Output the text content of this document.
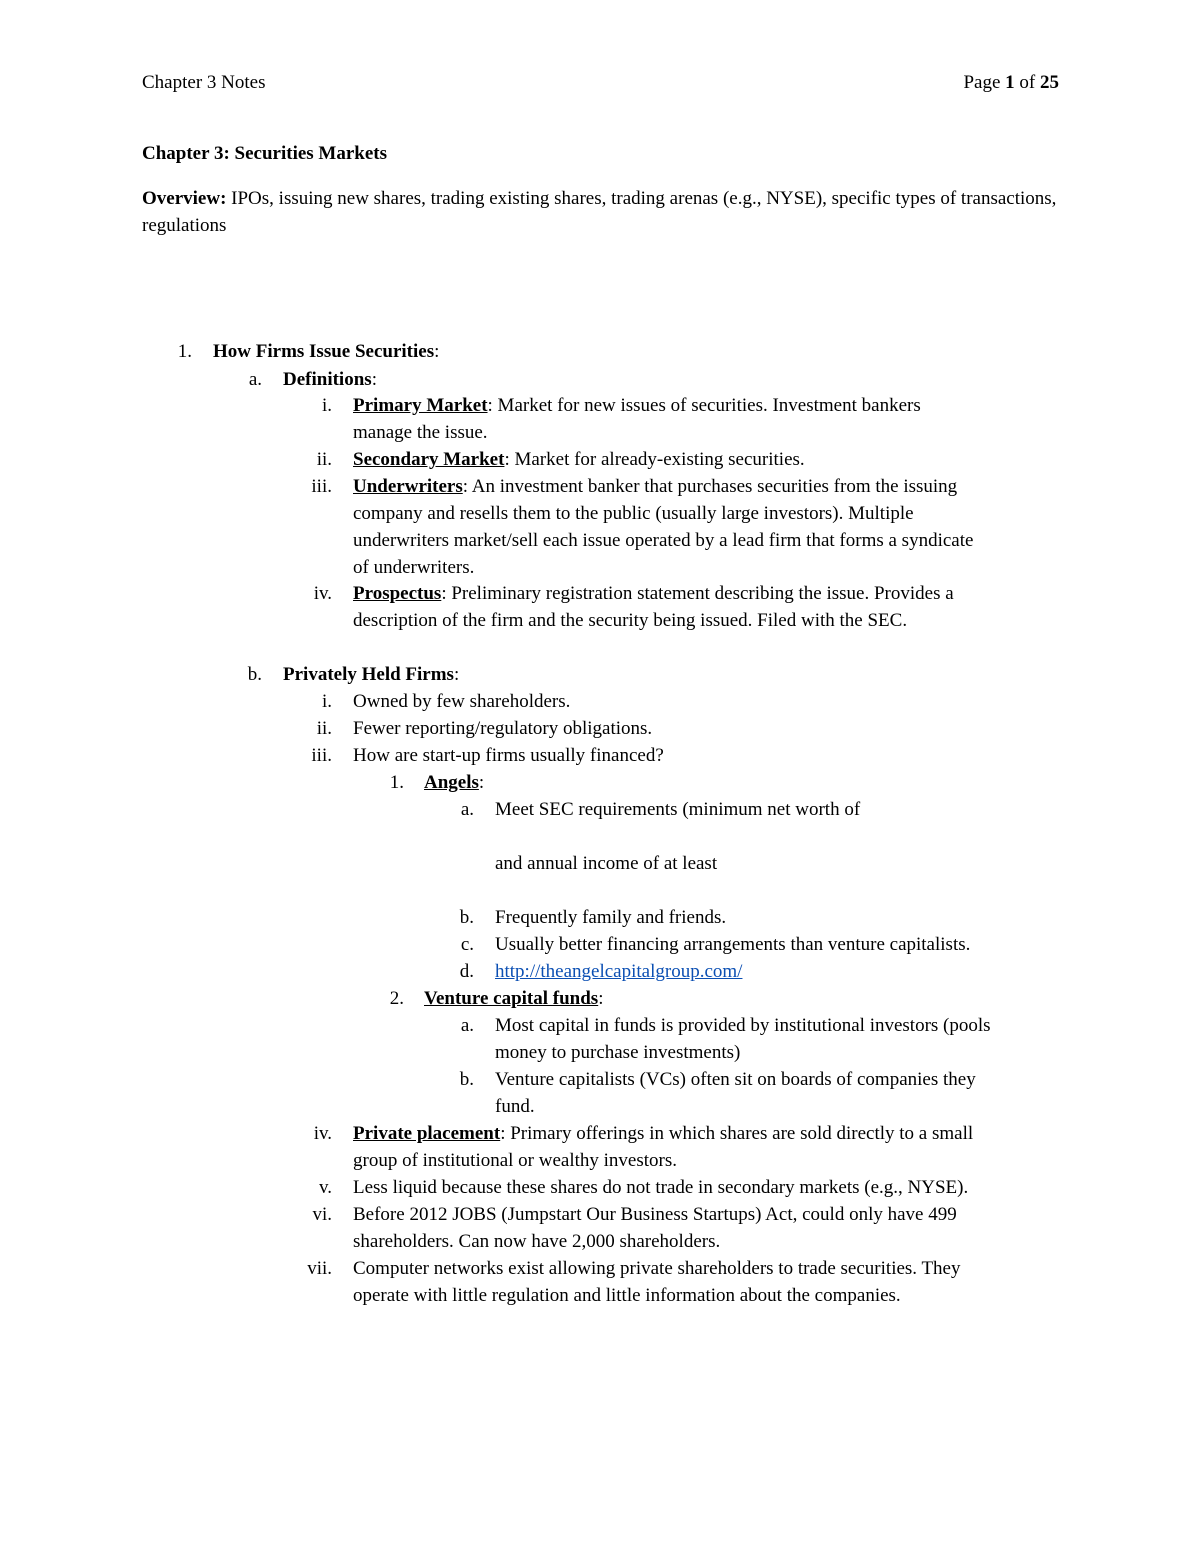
Chapter 3 Notes	Page 1 of 25
Chapter 3: Securities Markets
Overview: IPOs, issuing new shares, trading existing shares, trading arenas (e.g., NYSE), specific types of transactions, regulations
1. How Firms Issue Securities:
a. Definitions:
i. Primary Market: Market for new issues of securities. Investment bankers
manage the issue.
ii. Secondary Market: Market for already-existing securities.
iii. Underwriters: An investment banker that purchases securities from the issuing
company and resells them to the public (usually large investors). Multiple
underwriters market/sell each issue operated by a lead firm that forms a syndicate
of underwriters.
iv. Prospectus: Preliminary registration statement describing the issue. Provides a
description of the firm and the security being issued. Filed with the SEC.
b. Privately Held Firms:
i. Owned by few shareholders.
ii. Fewer reporting/regulatory obligations.
iii. How are start-up firms usually financed?
1. Angels:
a. Meet SEC requirements (minimum net worth of
and annual income of at least
b. Frequently family and friends.
c. Usually better financing arrangements than venture capitalists.
d. http://theangelcapitalgroup.com/
2. Venture capital funds:
a. Most capital in funds is provided by institutional investors (pools
money to purchase investments)
b. Venture capitalists (VCs) often sit on boards of companies they
fund.
iv. Private placement: Primary offerings in which shares are sold directly to a small
group of institutional or wealthy investors.
v. Less liquid because these shares do not trade in secondary markets (e.g., NYSE).
vi. Before 2012 JOBS (Jumpstart Our Business Startups) Act, could only have 499
shareholders. Can now have 2,000 shareholders.
vii. Computer networks exist allowing private shareholders to trade securities. They
operate with little regulation and little information about the companies.
